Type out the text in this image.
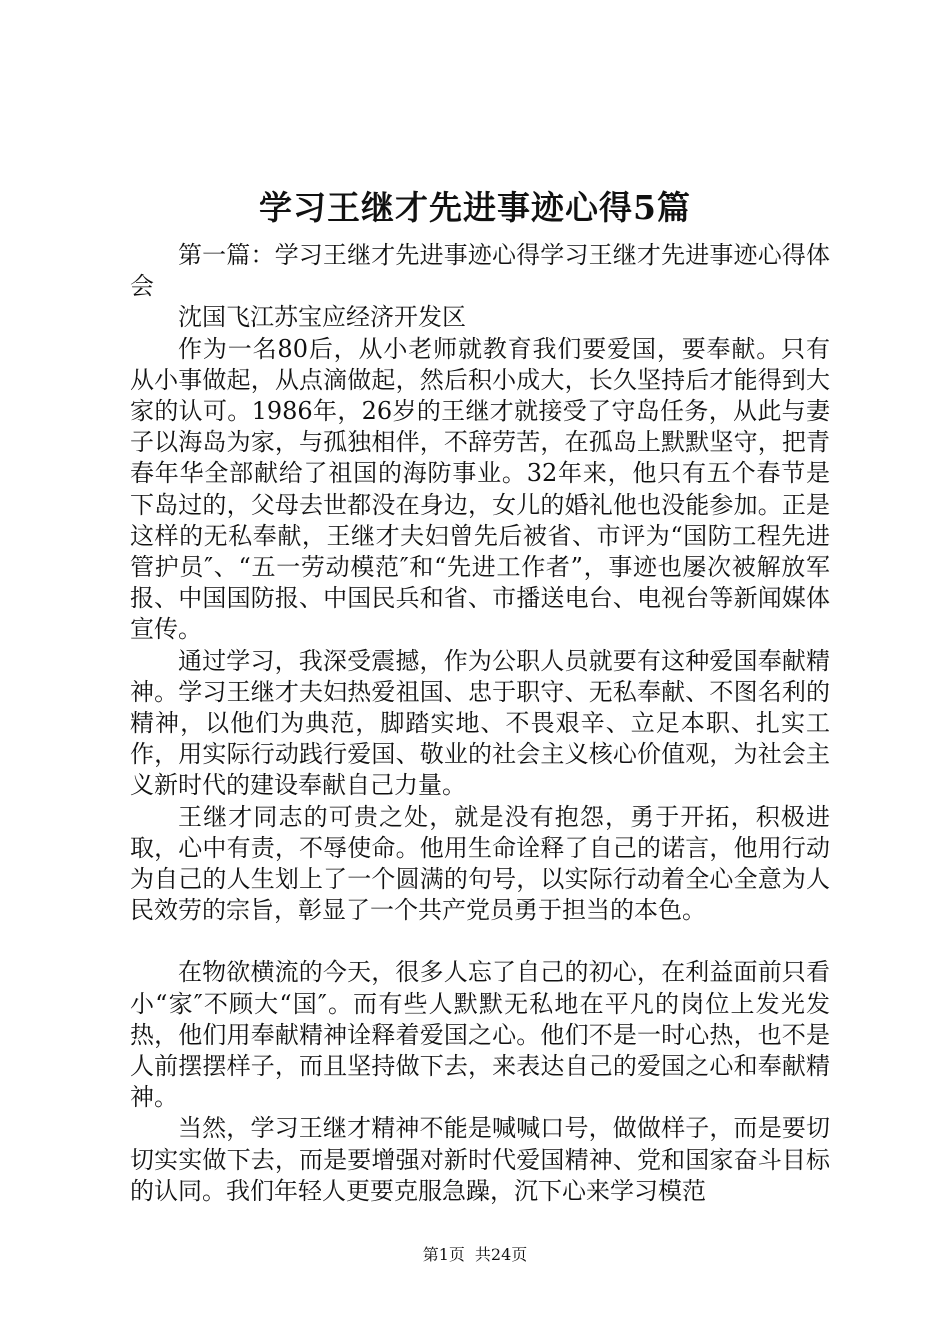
学习王继才先进事迹心得5篇

第一篇：学习王继才先进事迹心得学习王继才先进事迹心得体会

沈国飞江苏宝应经济开发区

作为一名80后，从小老师就教育我们要爱国，要奉献。只有从小事做起，从点滴做起，然后积小成大，长久坚持后才能得到大家的认可。1986年，26岁的王继才就接受了守岛任务，从此与妻子以海岛为家，与孤独相伴，不辞劳苦，在孤岛上默默坚守，把青春年华全部献给了祖国的海防事业。32年来，他只有五个春节是下岛过的，父母去世都没在身边，女儿的婚礼他也没能参加。正是这样的无私奉献，王继才夫妇曾先后被省、市评为“国防工程先进管护员″、“五一劳动模范″和“先进工作者”，事迹也屡次被解放军报、中国国防报、中国民兵和省、市播送电台、电视台等新闻媒体宣传。

通过学习，我深受震撼，作为公职人员就要有这种爱国奉献精神。学习王继才夫妇热爱祖国、忠于职守、无私奉献、不图名利的精神，以他们为典范，脚踏实地、不畏艰辛、立足本职、扎实工作，用实际行动践行爱国、敬业的社会主义核心价值观，为社会主义新时代的建设奉献自己力量。

王继才同志的可贵之处，就是没有抱怨，勇于开拓，积极进取，心中有责，不辱使命。他用生命诠释了自己的诺言，他用行动为自己的人生划上了一个圆满的句号，以实际行动着全心全意为人民效劳的宗旨，彰显了一个共产党员勇于担当的本色。

在物欲横流的今天，很多人忘了自己的初心，在利益面前只看小“家″不顾大“国″。而有些人默默无私地在平凡的岗位上发光发热，他们用奉献精神诠释着爱国之心。他们不是一时心热，也不是人前摆摆样子，而且坚持做下去，来表达自己的爱国之心和奉献精神。

当然，学习王继才精神不能是喊喊口号，做做样子，而是要切切实实做下去，而是要增强对新时代爱国精神、党和国家奋斗目标的认同。我们年轻人更要克服急躁，沉下心来学习模范

第1页 共24页
